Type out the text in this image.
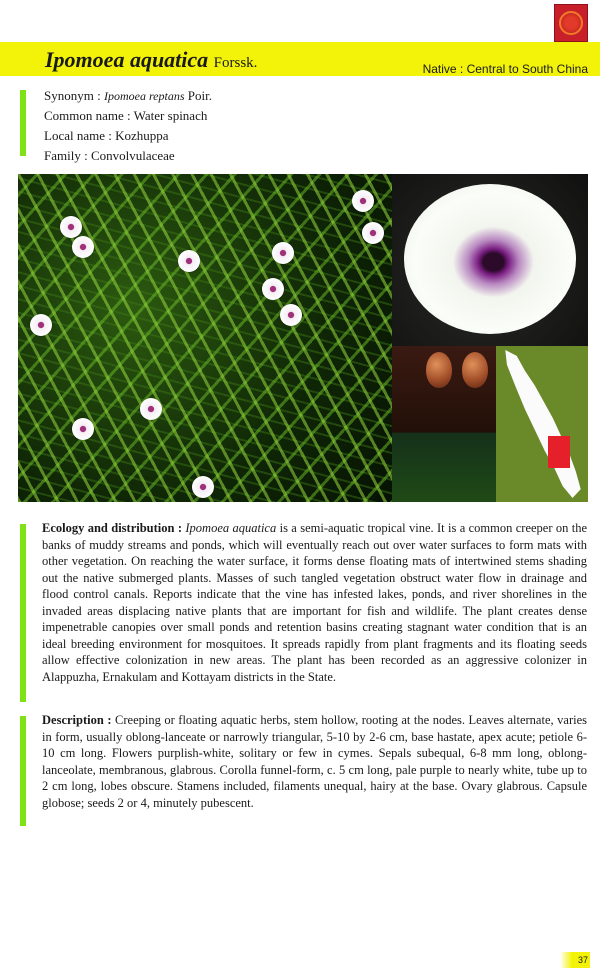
Ipomoea aquatica Forssk.	Native : Central to South China
Synonym : Ipomoea reptans Poir.
Common name : Water spinach
Local name : Kozhuppa
Family : Convolvulaceae
Ecology and distribution : Ipomoea aquatica is a semi-aquatic tropical vine. It is a common creeper on the banks of muddy streams and ponds, which will eventually reach out over water surfaces to form mats with other vegetation. On reaching the water surface, it forms dense floating mats of intertwined stems shading out the native submerged plants. Masses of such tangled vegetation obstruct water flow in drainage and flood control canals. Reports indicate that the vine has infested lakes, ponds, and river shorelines in the invaded areas displacing native plants that are important for fish and wildlife. The plant creates dense impenetrable canopies over small ponds and retention basins creating stagnant water condition that is an ideal breeding environment for mosquitoes. It spreads rapidly from plant fragments and its floating seeds allow effective colonization in new areas. The plant has been recorded as an aggressive colonizer in Alappuzha, Ernakulam and Kottayam districts in the State.
Description : Creeping or floating aquatic herbs, stem hollow, rooting at the nodes. Leaves alternate, varies in form, usually oblong-lanceate or narrowly triangular, 5-10 by 2-6 cm, base hastate, apex acute; petiole 6-10 cm long. Flowers purplish-white, solitary or few in cymes. Sepals subequal, 6-8 mm long, oblong-lanceolate, membranous, glabrous. Corolla funnel-form, c. 5 cm long, pale purple to nearly white, tube up to 2 cm long, lobes obscure. Stamens included, filaments unequal, hairy at the base. Ovary glabrous. Capsule globose; seeds 2 or 4, minutely pubescent.
37
